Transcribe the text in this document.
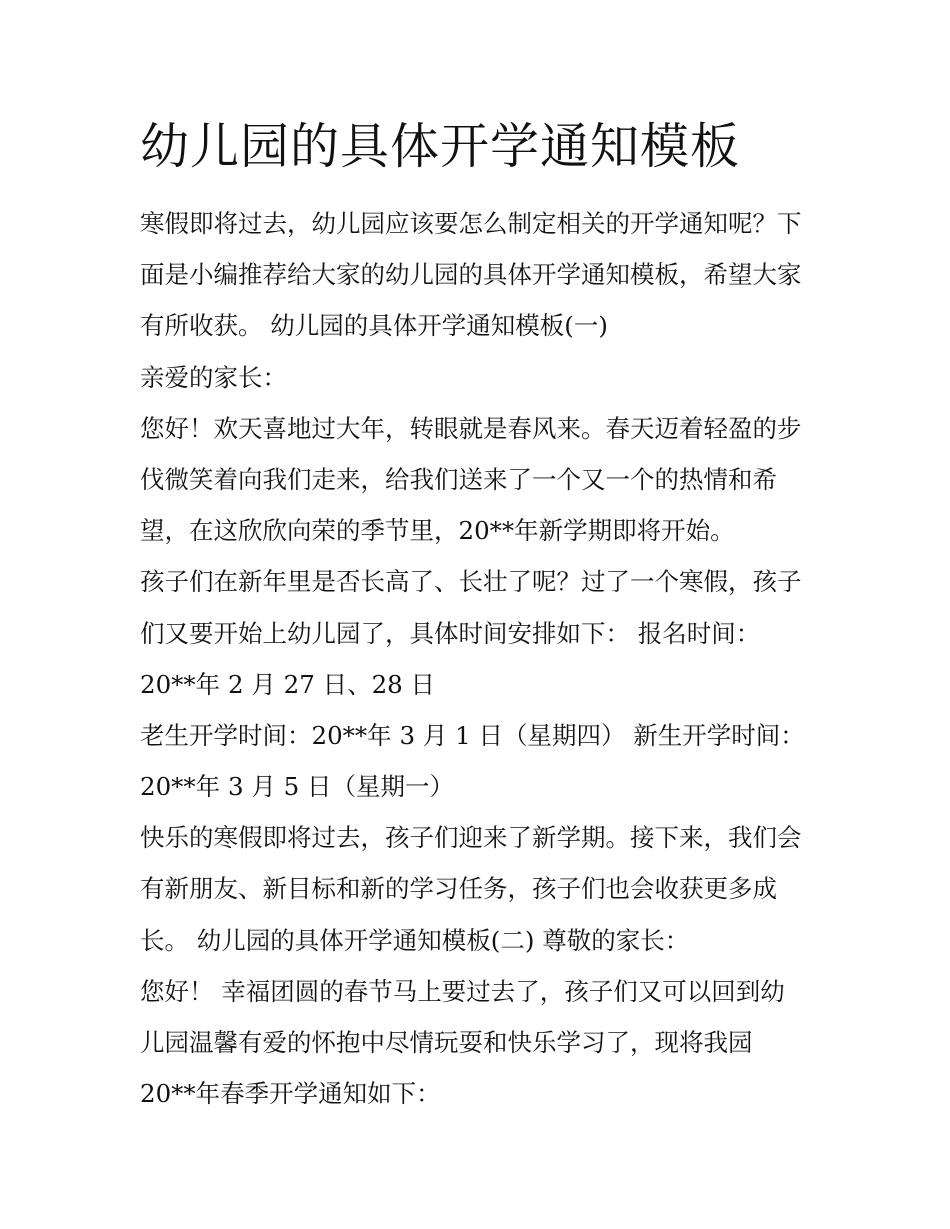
幼儿园的具体开学通知模板

寒假即将过去，幼儿园应该要怎么制定相关的开学通知呢？下

面是小编推荐给大家的幼儿园的具体开学通知模板，希望大家

有所收获。 幼儿园的具体开学通知模板(一)

亲爱的家长：

您好！欢天喜地过大年，转眼就是春风来。春天迈着轻盈的步

伐微笑着向我们走来，给我们送来了一个又一个的热情和希

望，在这欣欣向荣的季节里，20**年新学期即将开始。

孩子们在新年里是否长高了、长壮了呢？过了一个寒假，孩子

们又要开始上幼儿园了，具体时间安排如下： 报名时间：

20**年 2 月 27 日、28 日

老生开学时间：20**年 3 月 1 日（星期四） 新生开学时间：

20**年 3 月 5 日（星期一）

快乐的寒假即将过去，孩子们迎来了新学期。接下来，我们会

有新朋友、新目标和新的学习任务，孩子们也会收获更多成

长。 幼儿园的具体开学通知模板(二) 尊敬的家长：

您好！ 幸福团圆的春节马上要过去了，孩子们又可以回到幼

儿园温馨有爱的怀抱中尽情玩耍和快乐学习了，现将我园

20**年春季开学通知如下：
